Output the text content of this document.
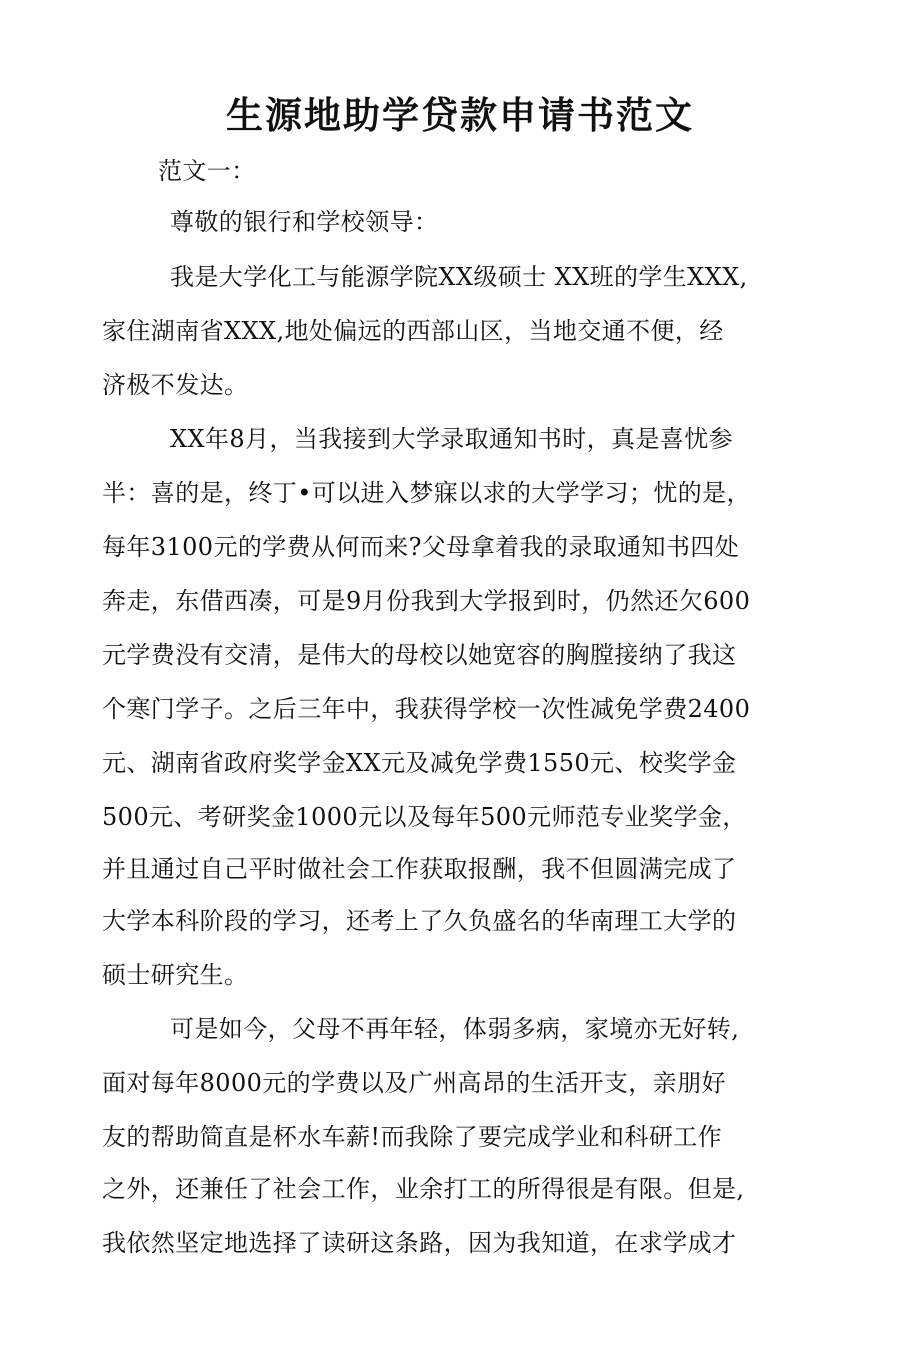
生源地助学贷款申请书范文
范文一：
尊敬的银行和学校领导：
我是大学化工与能源学院XX级硕士 XX班的学生XXX,
家住湖南省XXX,地处偏远的西部山区，当地交通不便，经
济极不发达。
XX年8月，当我接到大学录取通知书时，真是喜忧参
半：喜的是，终丁•可以进入梦寐以求的大学学习；忧的是，
每年3100元的学费从何而来?父母拿着我的录取通知书四处
奔走，东借西凑，可是9月份我到大学报到时，仍然还欠600
元学费没有交清，是伟大的母校以她宽容的胸膛接纳了我这
个寒门学子。之后三年中，我获得学校一次性减免学费2400
元、湖南省政府奖学金XX元及减免学费1550元、校奖学金
500元、考研奖金1000元以及每年500元师范专业奖学金，
并且通过自己平时做社会工作获取报酬，我不但圆满完成了
大学本科阶段的学习，还考上了久负盛名的华南理工大学的
硕士研究生。
可是如今，父母不再年轻，体弱多病，家境亦无好转,
面对每年8000元的学费以及广州高昂的生活开支，亲朋好
友的帮助简直是杯水车薪!而我除了要完成学业和科研工作
之外，还兼任了社会工作，业余打工的所得很是有限。但是,
我依然坚定地选择了读研这条路，因为我知道，在求学成才
